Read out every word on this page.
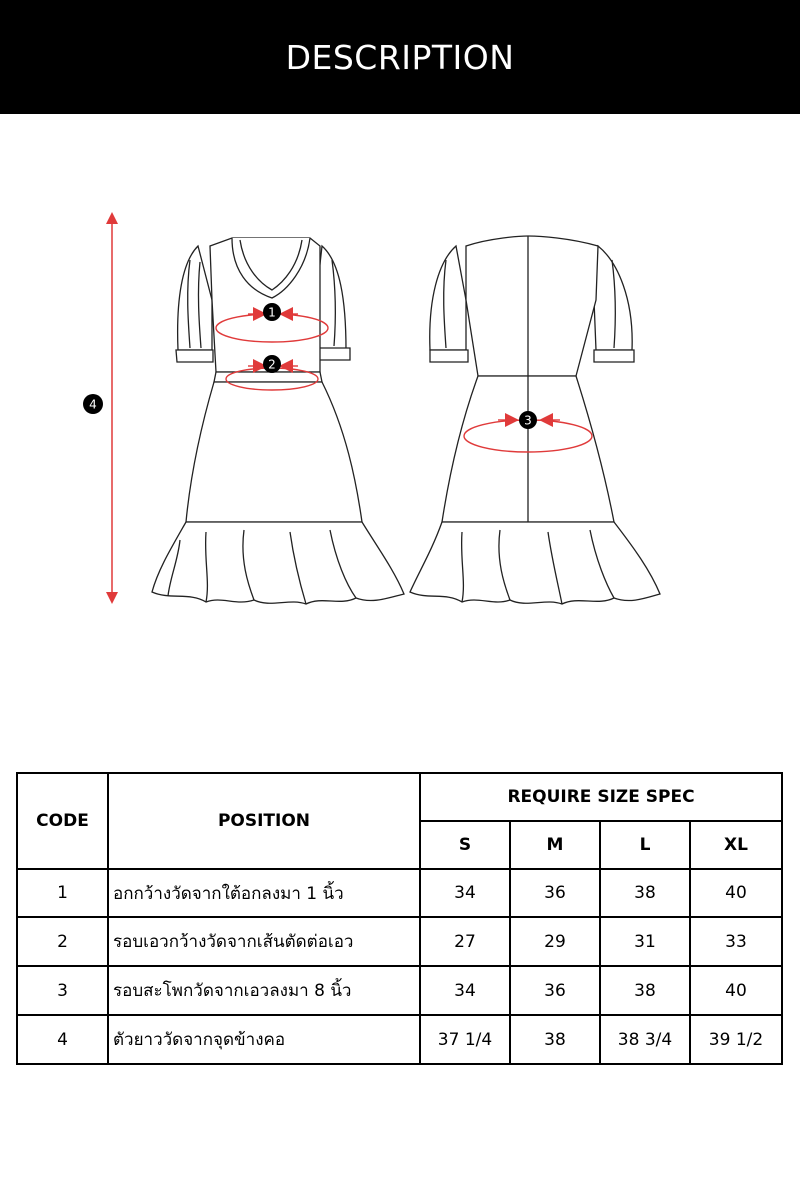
DESCRIPTION
1
2
3
4
CODE	POSITION	REQUIRE SIZE SPEC			
		S	M	L	XL
1	อกกว้างวัดจากใต้อกลงมา 1 นิ้ว	34	36	38	40
2	รอบเอวกว้างวัดจากเส้นตัดต่อเอว	27	29	31	33
3	รอบสะโพกวัดจากเอวลงมา 8 นิ้ว	34	36	38	40
4	ตัวยาววัดจากจุดข้างคอ	37 1/4	38	38 3/4	39 1/2
